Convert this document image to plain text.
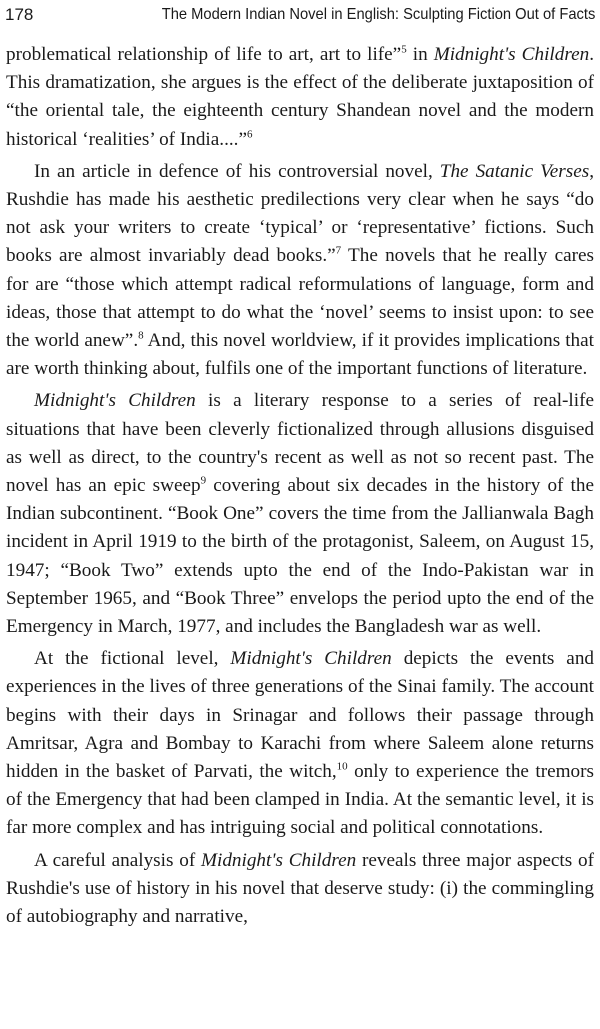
178	The Modern Indian Novel in English: Sculpting Fiction Out of Facts

problematical relationship of life to art, art to life”$^5$ in Midnight's Children. This dramatization, she argues is the effect of the deliberate juxtaposition of “the oriental tale, the eighteenth century Shandean novel and the modern historical ‘realities’ of India....”$^6$

In an article in defence of his controversial novel, The Satanic Verses, Rushdie has made his aesthetic predilections very clear when he says “do not ask your writers to create ‘typical’ or ‘representative’ fictions. Such books are almost invariably dead books.”$^7$ The novels that he really cares for are “those which attempt radical reformulations of language, form and ideas, those that attempt to do what the ‘novel’ seems to insist upon: to see the world anew”.$^8$ And, this novel worldview, if it provides implications that are worth thinking about, fulfils one of the important functions of literature.

Midnight's Children is a literary response to a series of real-life situations that have been cleverly fictionalized through allusions disguised as well as direct, to the country's recent as well as not so recent past. The novel has an epic sweep$^9$ covering about six decades in the history of the Indian subcontinent. “Book One” covers the time from the Jallianwala Bagh incident in April 1919 to the birth of the protagonist, Saleem, on August 15, 1947; “Book Two” extends upto the end of the Indo-Pakistan war in September 1965, and “Book Three” envelops the period upto the end of the Emergency in March, 1977, and includes the Bangladesh war as well.

At the fictional level, Midnight's Children depicts the events and experiences in the lives of three generations of the Sinai family. The account begins with their days in Srinagar and follows their passage through Amritsar, Agra and Bombay to Karachi from where Saleem alone returns hidden in the basket of Parvati, the witch,$^{10}$ only to experience the tremors of the Emergency that had been clamped in India. At the semantic level, it is far more complex and has intriguing social and political connotations.

A careful analysis of Midnight's Children reveals three major aspects of Rushdie's use of history in his novel that deserve study: (i) the commingling of autobiography and narrative,
